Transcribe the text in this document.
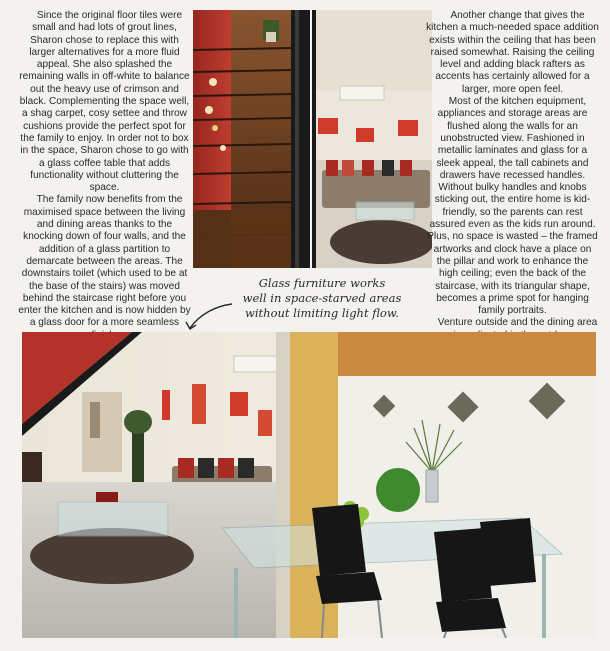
Since the original floor tiles were small and had lots of grout lines, Sharon chose to replace this with larger alternatives for a more fluid appeal. She also splashed the remaining walls in off-white to balance out the heavy use of crimson and black. Complementing the space well, a shag carpet, cosy settee and throw cushions provide the perfect spot for the family to enjoy. In order not to box in the space, Sharon chose to go with a glass coffee table that adds functionality without cluttering the space.

The family now benefits from the maximised space between the living and dining areas thanks to the knocking down of four walls, and the addition of a glass partition to demarcate between the areas. The downstairs toilet (which used to be at the base of the stairs) was moved behind the staircase right before you enter the kitchen and is now hidden by a glass door for a more seamless

Another change that gives the kitchen a much-needed space addition exists within the ceiling that has been raised somewhat. Raising the ceiling level and adding black rafters as accents has certainly allowed for a larger, more open feel.

Most of the kitchen equipment, appliances and storage areas are flushed along the walls for an unobstructed view. Fashioned in metallic laminates and glass for a sleek appeal, the tall cabinets and drawers have recessed handles. Without bulky handles and knobs sticking out, the entire home is kid-friendly, so the parents can rest assured even as the kids run around. Plus, no space is wasted – the framed artworks and clock have a place on the pillar and work to enhance the high ceiling; even the back of the staircase, with its triangular shape, becomes a prime spot for hanging family portraits.

Venture outside and the dining area

Glass furniture works
well in space-starved areas
without limiting light flow.
